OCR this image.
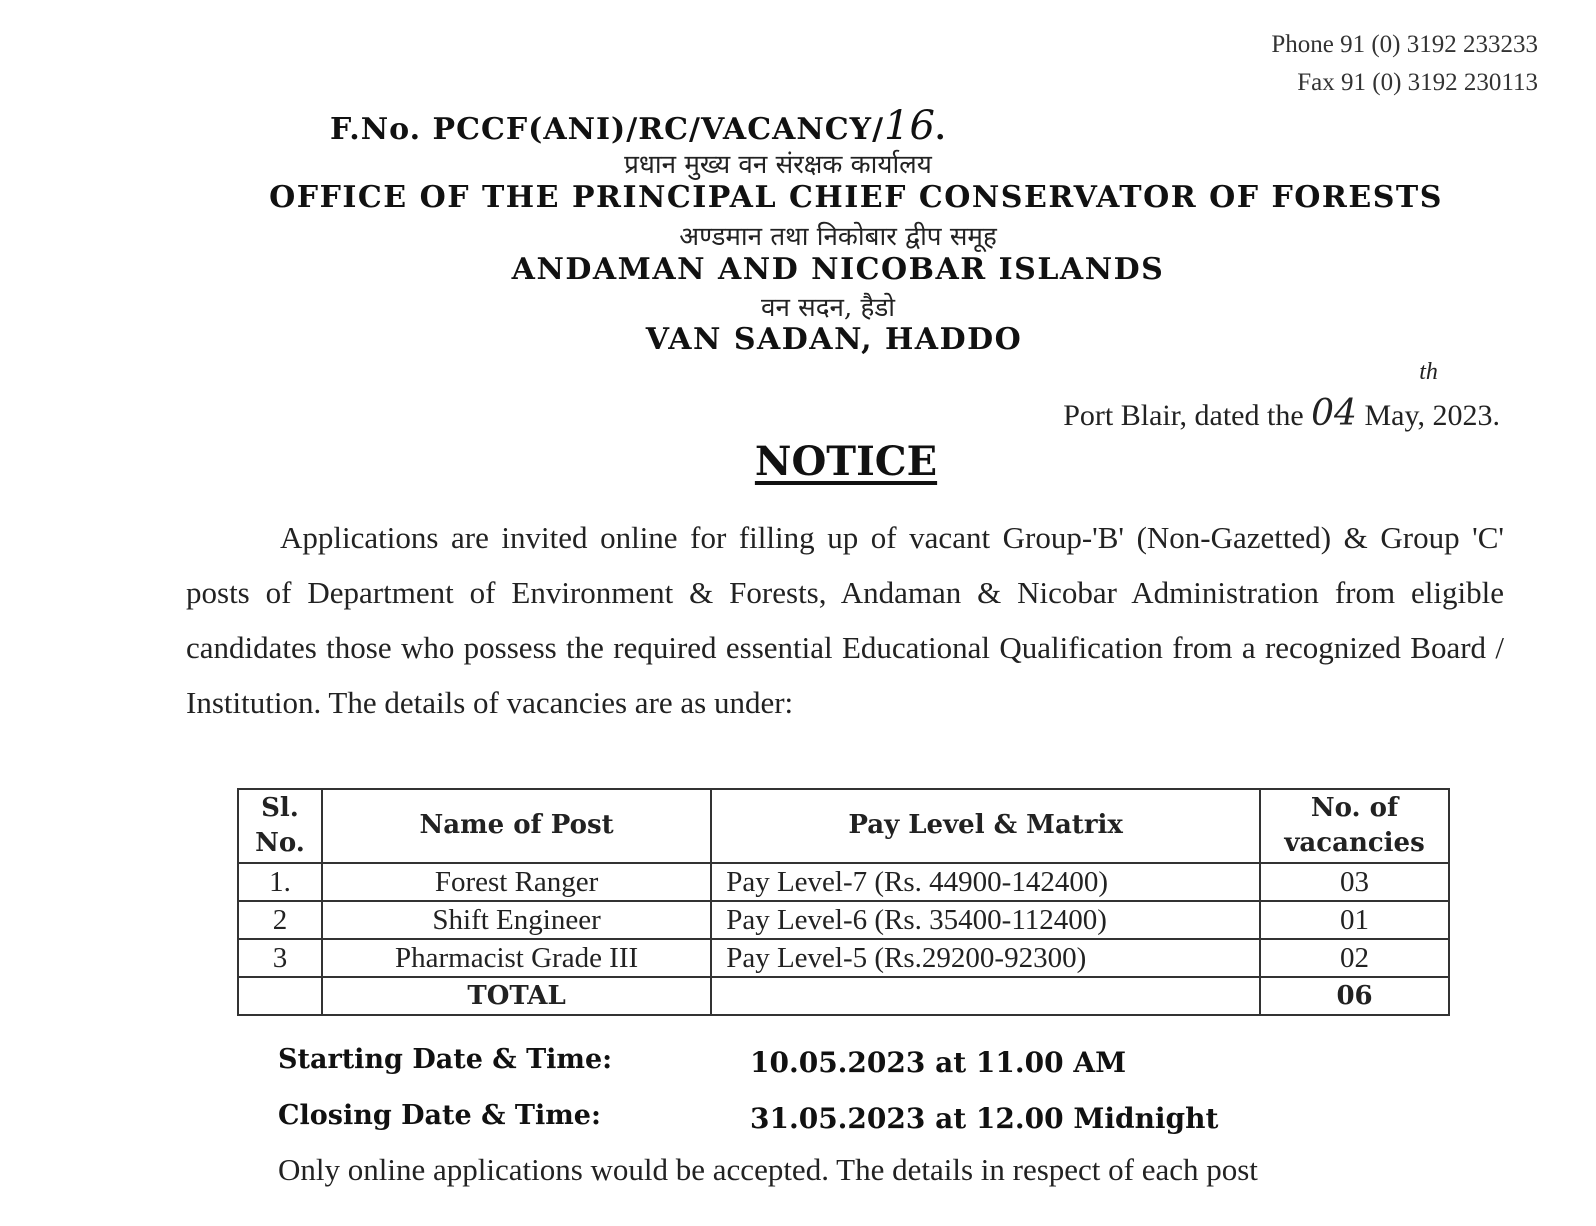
Phone 91 (0) 3192 233233
Fax 91 (0) 3192 230113
F.No. PCCF(ANI)/RC/VACANCY/16.
प्रधान मुख्य वन संरक्षक कार्यालय
OFFICE OF THE PRINCIPAL CHIEF CONSERVATOR OF FORESTS
अण्डमान तथा निकोबार द्वीप समूह
ANDAMAN AND NICOBAR ISLANDS
वन सदन, हैडो
VAN SADAN, HADDO
Port Blair, dated the 04
th
May, 2023.
NOTICE
Applications are invited online for filling up of vacant Group-'B' (Non-Gazetted) & Group 'C' posts of Department of Environment & Forests, Andaman & Nicobar Administration from eligible candidates those who possess the required essential Educational Qualification from a recognized Board / Institution. The details of vacancies are as under:
Sl. No.	Name of Post	Pay Level & Matrix	No. of vacancies
1.	Forest Ranger	Pay Level-7 (Rs. 44900-142400)	03
2	Shift Engineer	Pay Level-6 (Rs. 35400-112400)	01
3	Pharmacist Grade III	Pay Level-5 (Rs.29200-92300)	02
	TOTAL		06
Starting Date & Time:	10.05.2023 at 11.00 AM
Closing Date & Time:	31.05.2023 at 12.00 Midnight
Only online applications would be accepted. The details in respect of each post
